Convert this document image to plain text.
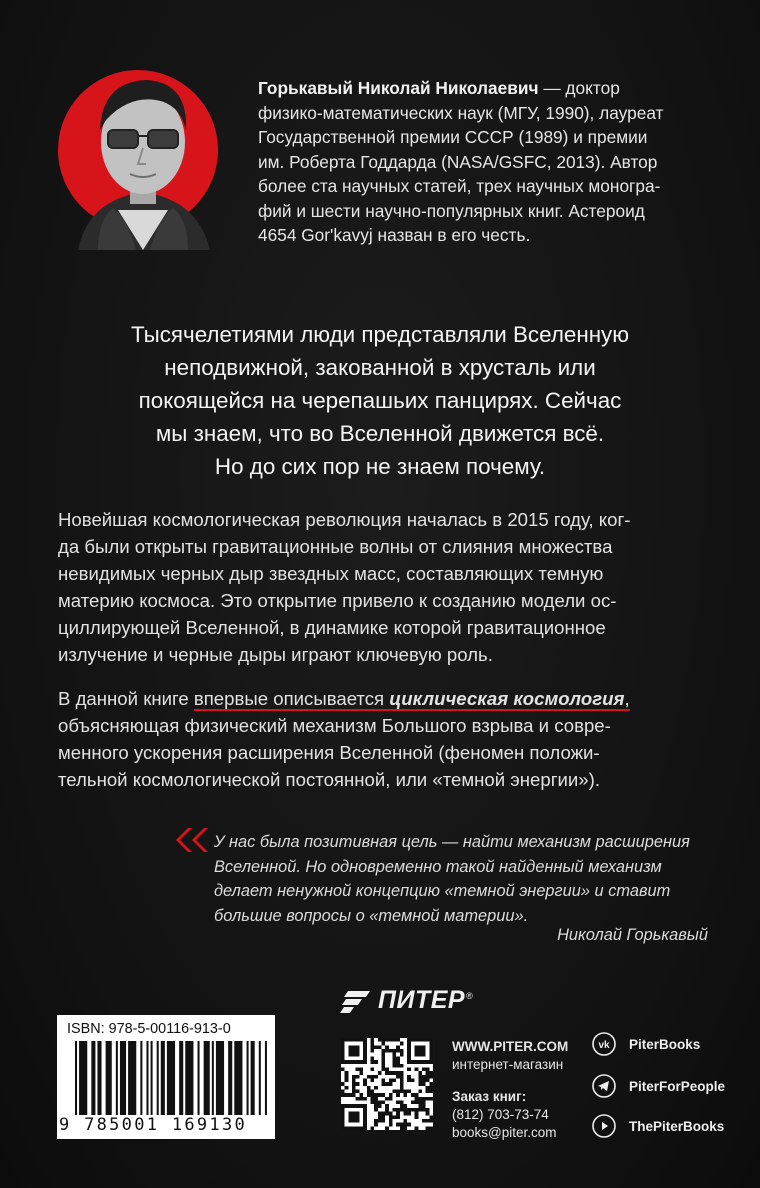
Горькавый Николай Николаевич — доктор
физико-математических наук (МГУ, 1990), лауреат
Государственной премии СССР (1989) и премии
им. Роберта Годдарда (NASA/GSFC, 2013). Автор
более ста научных статей, трех научных моногра-
фий и шести научно-популярных книг. Астероид
4654 Gor'kavyj назван в его честь.
Тысячелетиями люди представляли Вселенную
неподвижной, закованной в хрусталь или
покоящейся на черепашьих панцирях. Сейчас
мы знаем, что во Вселенной движется всё.
Но до сих пор не знаем почему.
Новейшая космологическая революция началась в 2015 году, ког-
да были открыты гравитационные волны от слияния множества
невидимых черных дыр звездных масс, составляющих темную
материю космоса. Это открытие привело к созданию модели ос-
циллирующей Вселенной, в динамике которой гравитационное
излучение и черные дыры играют ключевую роль.
В данной книге впервые описывается циклическая космология,
объясняющая физический механизм Большого взрыва и совре-
менного ускорения расширения Вселенной (феномен положи-
тельной космологической постоянной, или «темной энергии»).
У нас была позитивная цель — найти механизм расширения
Вселенной. Но одновременно такой найденный механизм
делает ненужной концепцию «темной энергии» и ставит
большие вопросы о «темной материи».
Николай Горькавый
ПИТЕР ®
ISBN: 978-5-00116-913-0
9 785001 169130
WWW.PITER.COM
интернет-магазин
Заказ книг:
(812) 703-73-74
books@piter.com
vk PiterBooks
PiterForPeople
ThePiterBooks
